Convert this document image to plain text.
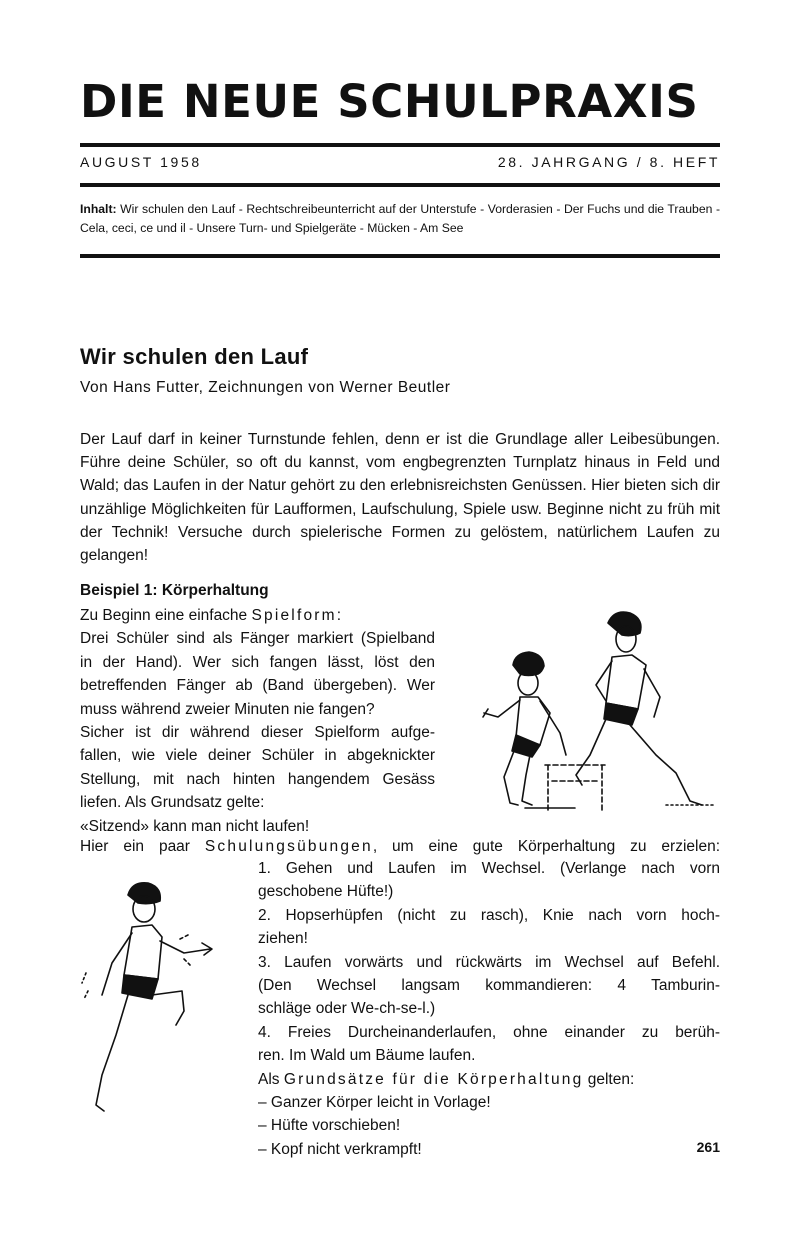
DIE NEUE SCHULPRAXIS
AUGUST 1958	28. JAHRGANG / 8. HEFT
Inhalt: Wir schulen den Lauf - Rechtschreibeunterricht auf der Unterstufe - Vorderasien - Der Fuchs und die Trauben - Cela, ceci, ce und il - Unsere Turn- und Spielgeräte - Mücken - Am See
Wir schulen den Lauf
Von Hans Futter, Zeichnungen von Werner Beutler
Der Lauf darf in keiner Turnstunde fehlen, denn er ist die Grundlage aller Leibesübungen. Führe deine Schüler, so oft du kannst, vom engbegrenzten Turnplatz hinaus in Feld und Wald; das Laufen in der Natur gehört zu den erlebnisreichsten Genüssen. Hier bieten sich dir unzählige Möglichkeiten für Laufformen, Laufschulung, Spiele usw. Beginne nicht zu früh mit der Technik! Versuche durch spielerische Formen zu gelöstem, natürlichem Laufen zu gelangen!
Beispiel 1: Körperhaltung
Zu Beginn eine einfache Spielform:
Drei Schüler sind als Fänger markiert (Spielband
in der Hand). Wer sich fangen lässt, löst den
betreffenden Fänger ab (Band übergeben). Wer
muss während zweier Minuten nie fangen?
Sicher ist dir während dieser Spielform aufge-
fallen, wie viele deiner Schüler in abgeknickter
Stellung, mit nach hinten hangendem Gesäss
liefen. Als Grundsatz gelte:
«Sitzend» kann man nicht laufen!
Hier ein paar Schulungsübungen, um eine gute Körperhaltung zu erzielen:
1. Gehen und Laufen im Wechsel. (Verlange nach vorn
geschobene Hüfte!)
2. Hopserhüpfen (nicht zu rasch), Knie nach vorn hoch-
ziehen!
3. Laufen vorwärts und rückwärts im Wechsel auf Befehl.
(Den Wechsel langsam kommandieren: 4 Tamburin-
schläge oder We-ch-se-l.)
4. Freies Durcheinanderlaufen, ohne einander zu berüh-
ren. Im Wald um Bäume laufen.
Als Grundsätze für die Körperhaltung gelten:
– Ganzer Körper leicht in Vorlage!
– Hüfte vorschieben!
– Kopf nicht verkrampft!	261
